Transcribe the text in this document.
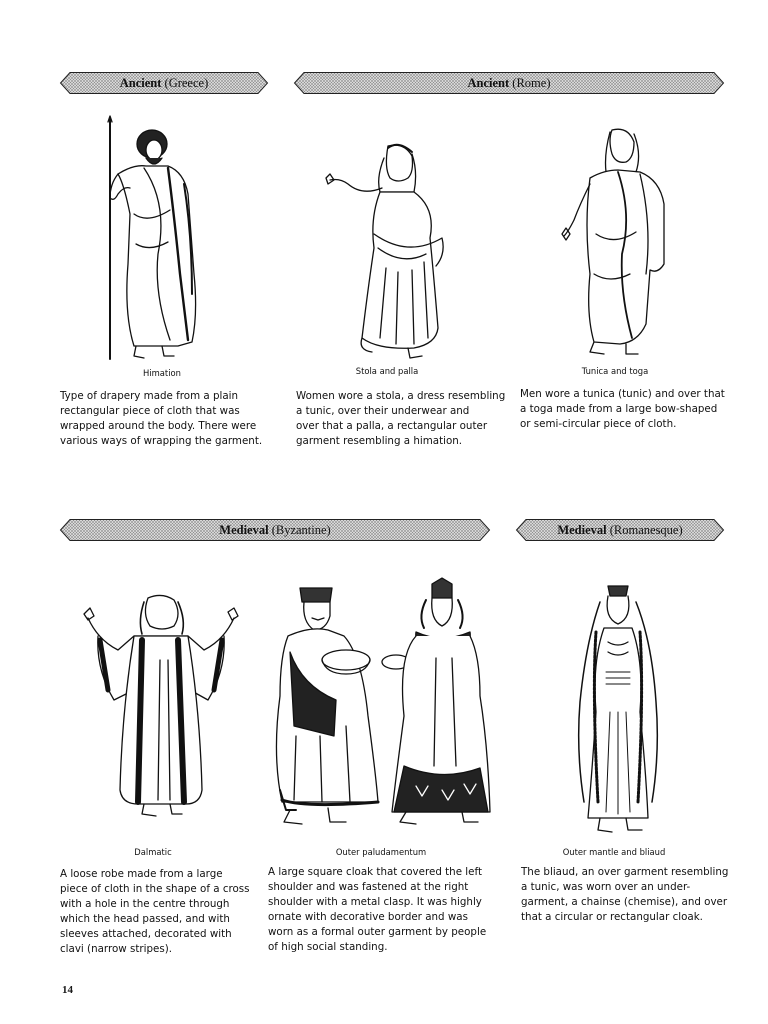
Ancient (Greece)	Ancient (Rome)
Medieval (Byzantine)	Medieval (Romanesque)
Himation	Stola and palla	Tunica and toga
Dalmatic	Outer paludamentum	Outer mantle and bliaud
Type of drapery made from a plain
rectangular piece of cloth that was
wrapped around the body. There were
various ways of wrapping the garment.
Women wore a stola, a dress resembling
a tunic, over their underwear and
over that a palla, a rectangular outer
garment resembling a himation.
Men wore a tunica (tunic) and over that
a toga made from a large bow-shaped
or semi-circular piece of cloth.
A loose robe made from a large
piece of cloth in the shape of a cross
with a hole in the centre through
which the head passed, and with
sleeves attached, decorated with
clavi (narrow stripes).
A large square cloak that covered the left
shoulder and was fastened at the right
shoulder with a metal clasp. It was highly
ornate with decorative border and was
worn as a formal outer garment by people
of high social standing.
The bliaud, an over garment resembling
a tunic, was worn over an under-
garment, a chainse (chemise), and over
that a circular or rectangular cloak.
14
